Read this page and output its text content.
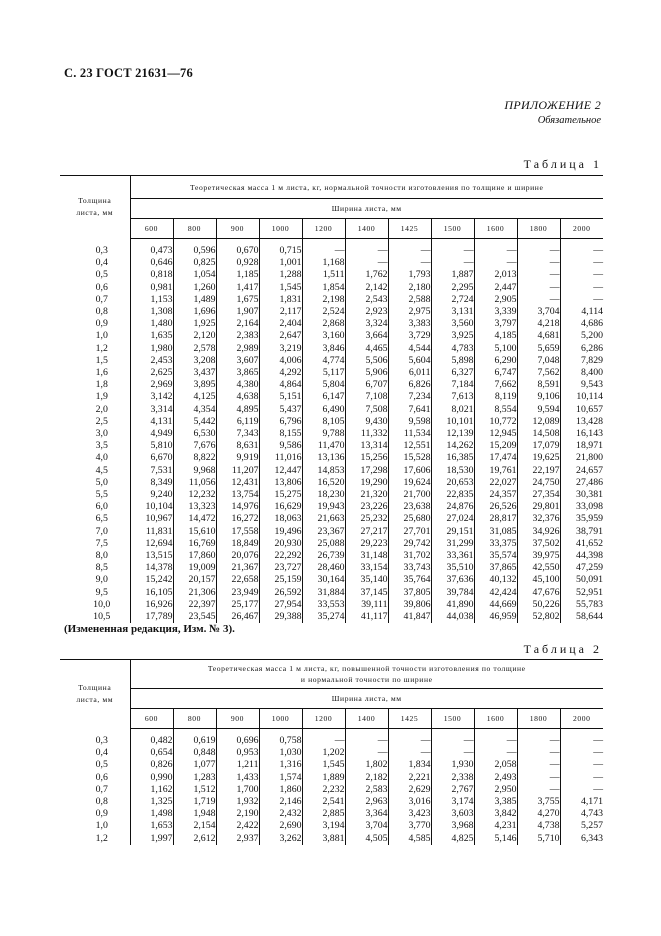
С. 23 ГОСТ 21631—76
ПРИЛОЖЕНИЕ 2
Обязательное
Таблица 1
Толщина листа, мм	Теоретическая масса 1 м листа, кг, нормальной точности изготовления по толщине и ширине										
	Ширина листа, мм										
	600	800	900	1000	1200	1400	1425	1500	1600	1800	2000
0,3	0,473	0,596	0,670	0,715	—	—	—	—	—	—	—
0,4	0,646	0,825	0,928	1,001	1,168	—	—	—	—	—	—
0,5	0,818	1,054	1,185	1,288	1,511	1,762	1,793	1,887	2,013	—	—
0,6	0,981	1,260	1,417	1,545	1,854	2,142	2,180	2,295	2,447	—	—
0,7	1,153	1,489	1,675	1,831	2,198	2,543	2,588	2,724	2,905	—	—
0,8	1,308	1,696	1,907	2,117	2,524	2,923	2,975	3,131	3,339	3,704	4,114
0,9	1,480	1,925	2,164	2,404	2,868	3,324	3,383	3,560	3,797	4,218	4,686
1,0	1,635	2,120	2,383	2,647	3,160	3,664	3,729	3,925	4,185	4,681	5,200
1,2	1,980	2,578	2,989	3,219	3,846	4,465	4,544	4,783	5,100	5,659	6,286
1,5	2,453	3,208	3,607	4,006	4,774	5,506	5,604	5,898	6,290	7,048	7,829
1,6	2,625	3,437	3,865	4,292	5,117	5,906	6,011	6,327	6,747	7,562	8,400
1,8	2,969	3,895	4,380	4,864	5,804	6,707	6,826	7,184	7,662	8,591	9,543
1,9	3,142	4,125	4,638	5,151	6,147	7,108	7,234	7,613	8,119	9,106	10,114
2,0	3,314	4,354	4,895	5,437	6,490	7,508	7,641	8,021	8,554	9,594	10,657
2,5	4,131	5,442	6,119	6,796	8,105	9,430	9,598	10,101	10,772	12,089	13,428
3,0	4,949	6,530	7,343	8,155	9,788	11,332	11,534	12,139	12,945	14,508	16,143
3,5	5,810	7,676	8,631	9,586	11,470	13,314	12,551	14,262	15,209	17,079	18,971
4,0	6,670	8,822	9,919	11,016	13,136	15,256	15,528	16,385	17,474	19,625	21,800
4,5	7,531	9,968	11,207	12,447	14,853	17,298	17,606	18,530	19,761	22,197	24,657
5,0	8,349	11,056	12,431	13,806	16,520	19,290	19,624	20,653	22,027	24,750	27,486
5,5	9,240	12,232	13,754	15,275	18,230	21,320	21,700	22,835	24,357	27,354	30,381
6,0	10,104	13,323	14,976	16,629	19,943	23,226	23,638	24,876	26,526	29,801	33,098
6,5	10,967	14,472	16,272	18,063	21,663	25,232	25,680	27,024	28,817	32,376	35,959
7,0	11,831	15,610	17,558	19,496	23,367	27,217	27,701	29,151	31,085	34,926	38,791
7,5	12,694	16,769	18,849	20,930	25,088	29,223	29,742	31,299	33,375	37,502	41,652
8,0	13,515	17,860	20,076	22,292	26,739	31,148	31,702	33,361	35,574	39,975	44,398
8,5	14,378	19,009	21,367	23,727	28,460	33,154	33,743	35,510	37,865	42,550	47,259
9,0	15,242	20,157	22,658	25,159	30,164	35,140	35,764	37,636	40,132	45,100	50,091
9,5	16,105	21,306	23,949	26,592	31,884	37,145	37,805	39,784	42,424	47,676	52,951
10,0	16,926	22,397	25,177	27,954	33,553	39,111	39,806	41,890	44,669	50,226	55,783
10,5	17,789	23,545	26,467	29,388	35,274	41,117	41,847	44,038	46,959	52,802	58,644
(Измененная редакция, Изм. № 3).
Таблица 2
Толщина листа, мм	Теоретическая масса 1 м листа, кг, повышенной точности изготовления по толщине
и нормальной точности по ширине										

	Ширина листа, мм										
	600	800	900	1000	1200	1400	1425	1500	1600	1800	2000
0,3	0,482	0,619	0,696	0,758	—	—	—	—	—	—	—
0,4	0,654	0,848	0,953	1,030	1,202	—	—	—	—	—	—
0,5	0,826	1,077	1,211	1,316	1,545	1,802	1,834	1,930	2,058	—	—
0,6	0,990	1,283	1,433	1,574	1,889	2,182	2,221	2,338	2,493	—	—
0,7	1,162	1,512	1,700	1,860	2,232	2,583	2,629	2,767	2,950	—	—
0,8	1,325	1,719	1,932	2,146	2,541	2,963	3,016	3,174	3,385	3,755	4,171
0,9	1,498	1,948	2,190	2,432	2,885	3,364	3,423	3,603	3,842	4,270	4,743
1,0	1,653	2,154	2,422	2,690	3,194	3,704	3,770	3,968	4,231	4,738	5,257
1,2	1,997	2,612	2,937	3,262	3,881	4,505	4,585	4,825	5,146	5,710	6,343
